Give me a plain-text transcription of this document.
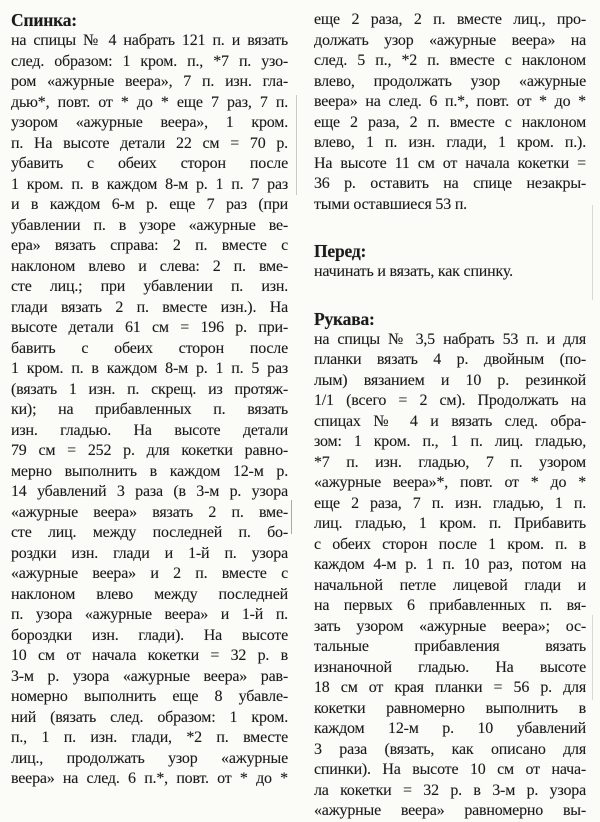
Спинка:
на спицы № 4 набрать 121 п. и вязать
след. образом: 1 кром. п., *7 п. узо-
ром «ажурные веера», 7 п. изн. гла-
дью*, повт. от * до * еще 7 раз, 7 п.
узором «ажурные веера», 1 кром.
п. На высоте детали 22 см = 70 р.
убавить с обеих сторон после
1 кром. п. в каждом 8-м р. 1 п. 7 раз
и в каждом 6-м р. еще 7 раз (при
убавлении п. в узоре «ажурные ве-
ера» вязать справа: 2 п. вместе с
наклоном влево и слева: 2 п. вме-
сте лиц.; при убавлении п. изн.
глади вязать 2 п. вместе изн.). На
высоте детали 61 см = 196 р. при-
бавить с обеих сторон после
1 кром. п. в каждом 8-м р. 1 п. 5 раз
(вязать 1 изн. п. скрещ. из протяж-
ки); на прибавленных п. вязать
изн. гладью. На высоте детали
79 см = 252 р. для кокетки равно-
мерно выполнить в каждом 12-м р.
14 убавлений 3 раза (в 3-м р. узора
«ажурные веера» вязать 2 п. вме-
сте лиц. между последней п. бо-
роздки изн. глади и 1-й п. узора
«ажурные веера» и 2 п. вместе с
наклоном влево между последней
п. узора «ажурные веера» и 1-й п.
бороздки изн. глади). На высоте
10 см от начала кокетки = 32 р. в
3-м р. узора «ажурные веера» рав-
номерно выполнить еще 8 убавле-
ний (вязать след. образом: 1 кром.
п., 1 п. изн. глади, *2 п. вместе
лиц., продолжать узор «ажурные
веера» на след. 6 п.*, повт. от * до *
еще 2 раза, 2 п. вместе лиц., про-
должать узор «ажурные веера» на
след. 5 п., *2 п. вместе с наклоном
влево, продолжать узор «ажурные
веера» на след. 6 п.*, повт. от * до *
еще 2 раза, 2 п. вместе с наклоном
влево, 1 п. изн. глади, 1 кром. п.).
На высоте 11 см от начала кокетки =
36 р. оставить на спице незакры-
тыми оставшиеся 53 п.
Перед:
начинать и вязать, как спинку.
Рукава:
на спицы № 3,5 набрать 53 п. и для
планки вязать 4 р. двойным (по-
лым) вязанием и 10 р. резинкой
1/1 (всего = 2 см). Продолжать на
спицах № 4 и вязать след. обра-
зом: 1 кром. п., 1 п. лиц. гладью,
*7 п. изн. гладью, 7 п. узором
«ажурные веера»*, повт. от * до *
еще 2 раза, 7 п. изн. гладью, 1 п.
лиц. гладью, 1 кром. п. Прибавить
с обеих сторон после 1 кром. п. в
каждом 4-м р. 1 п. 10 раз, потом на
начальной петле лицевой глади и
на первых 6 прибавленных п. вя-
зать узором «ажурные веера»; ос-
тальные прибавления вязать
изнаночной гладью. На высоте
18 см от края планки = 56 р. для
кокетки равномерно выполнить в
каждом 12-м р. 10 убавлений
3 раза (вязать, как описано для
спинки). На высоте 10 см от нача-
ла кокетки = 32 р. в 3-м р. узора
«ажурные веера» равномерно вы-
